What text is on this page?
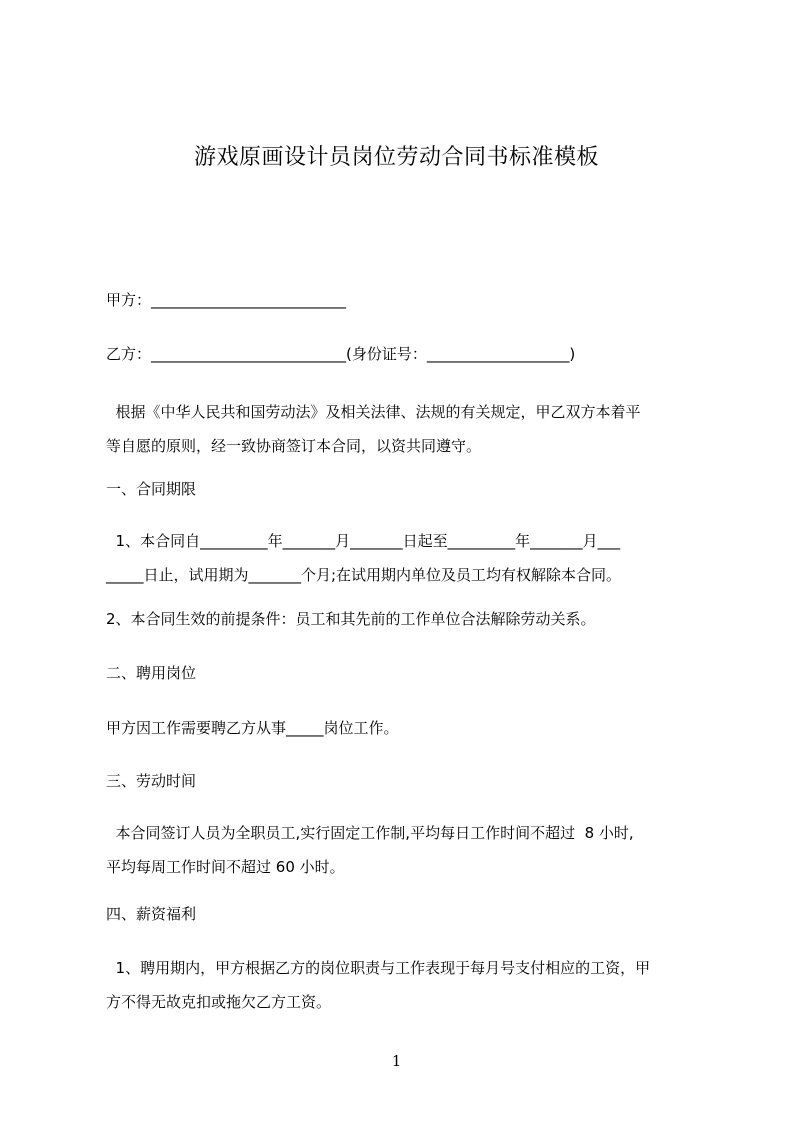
游戏原画设计员岗位劳动合同书标准模板
甲方：__________________________
乙方：__________________________(身份证号：___________________)
根据《中华人民共和国劳动法》及相关法律、法规的有关规定，甲乙双方本着平
等自愿的原则，经一致协商签订本合同，以资共同遵守。
一、合同期限
1、本合同自_________年_______月_______日起至_________年_______月___
_____日止，试用期为_______个月;在试用期内单位及员工均有权解除本合同。
2、本合同生效的前提条件：员工和其先前的工作单位合法解除劳动关系。
二、聘用岗位
甲方因工作需要聘乙方从事_____岗位工作。
三、劳动时间
本合同签订人员为全职员工,实行固定工作制,平均每日工作时间不超过  8 小时,
平均每周工作时间不超过 60 小时。
四、薪资福利
1、聘用期内，甲方根据乙方的岗位职责与工作表现于每月号支付相应的工资，甲
方不得无故克扣或拖欠乙方工资。
1
